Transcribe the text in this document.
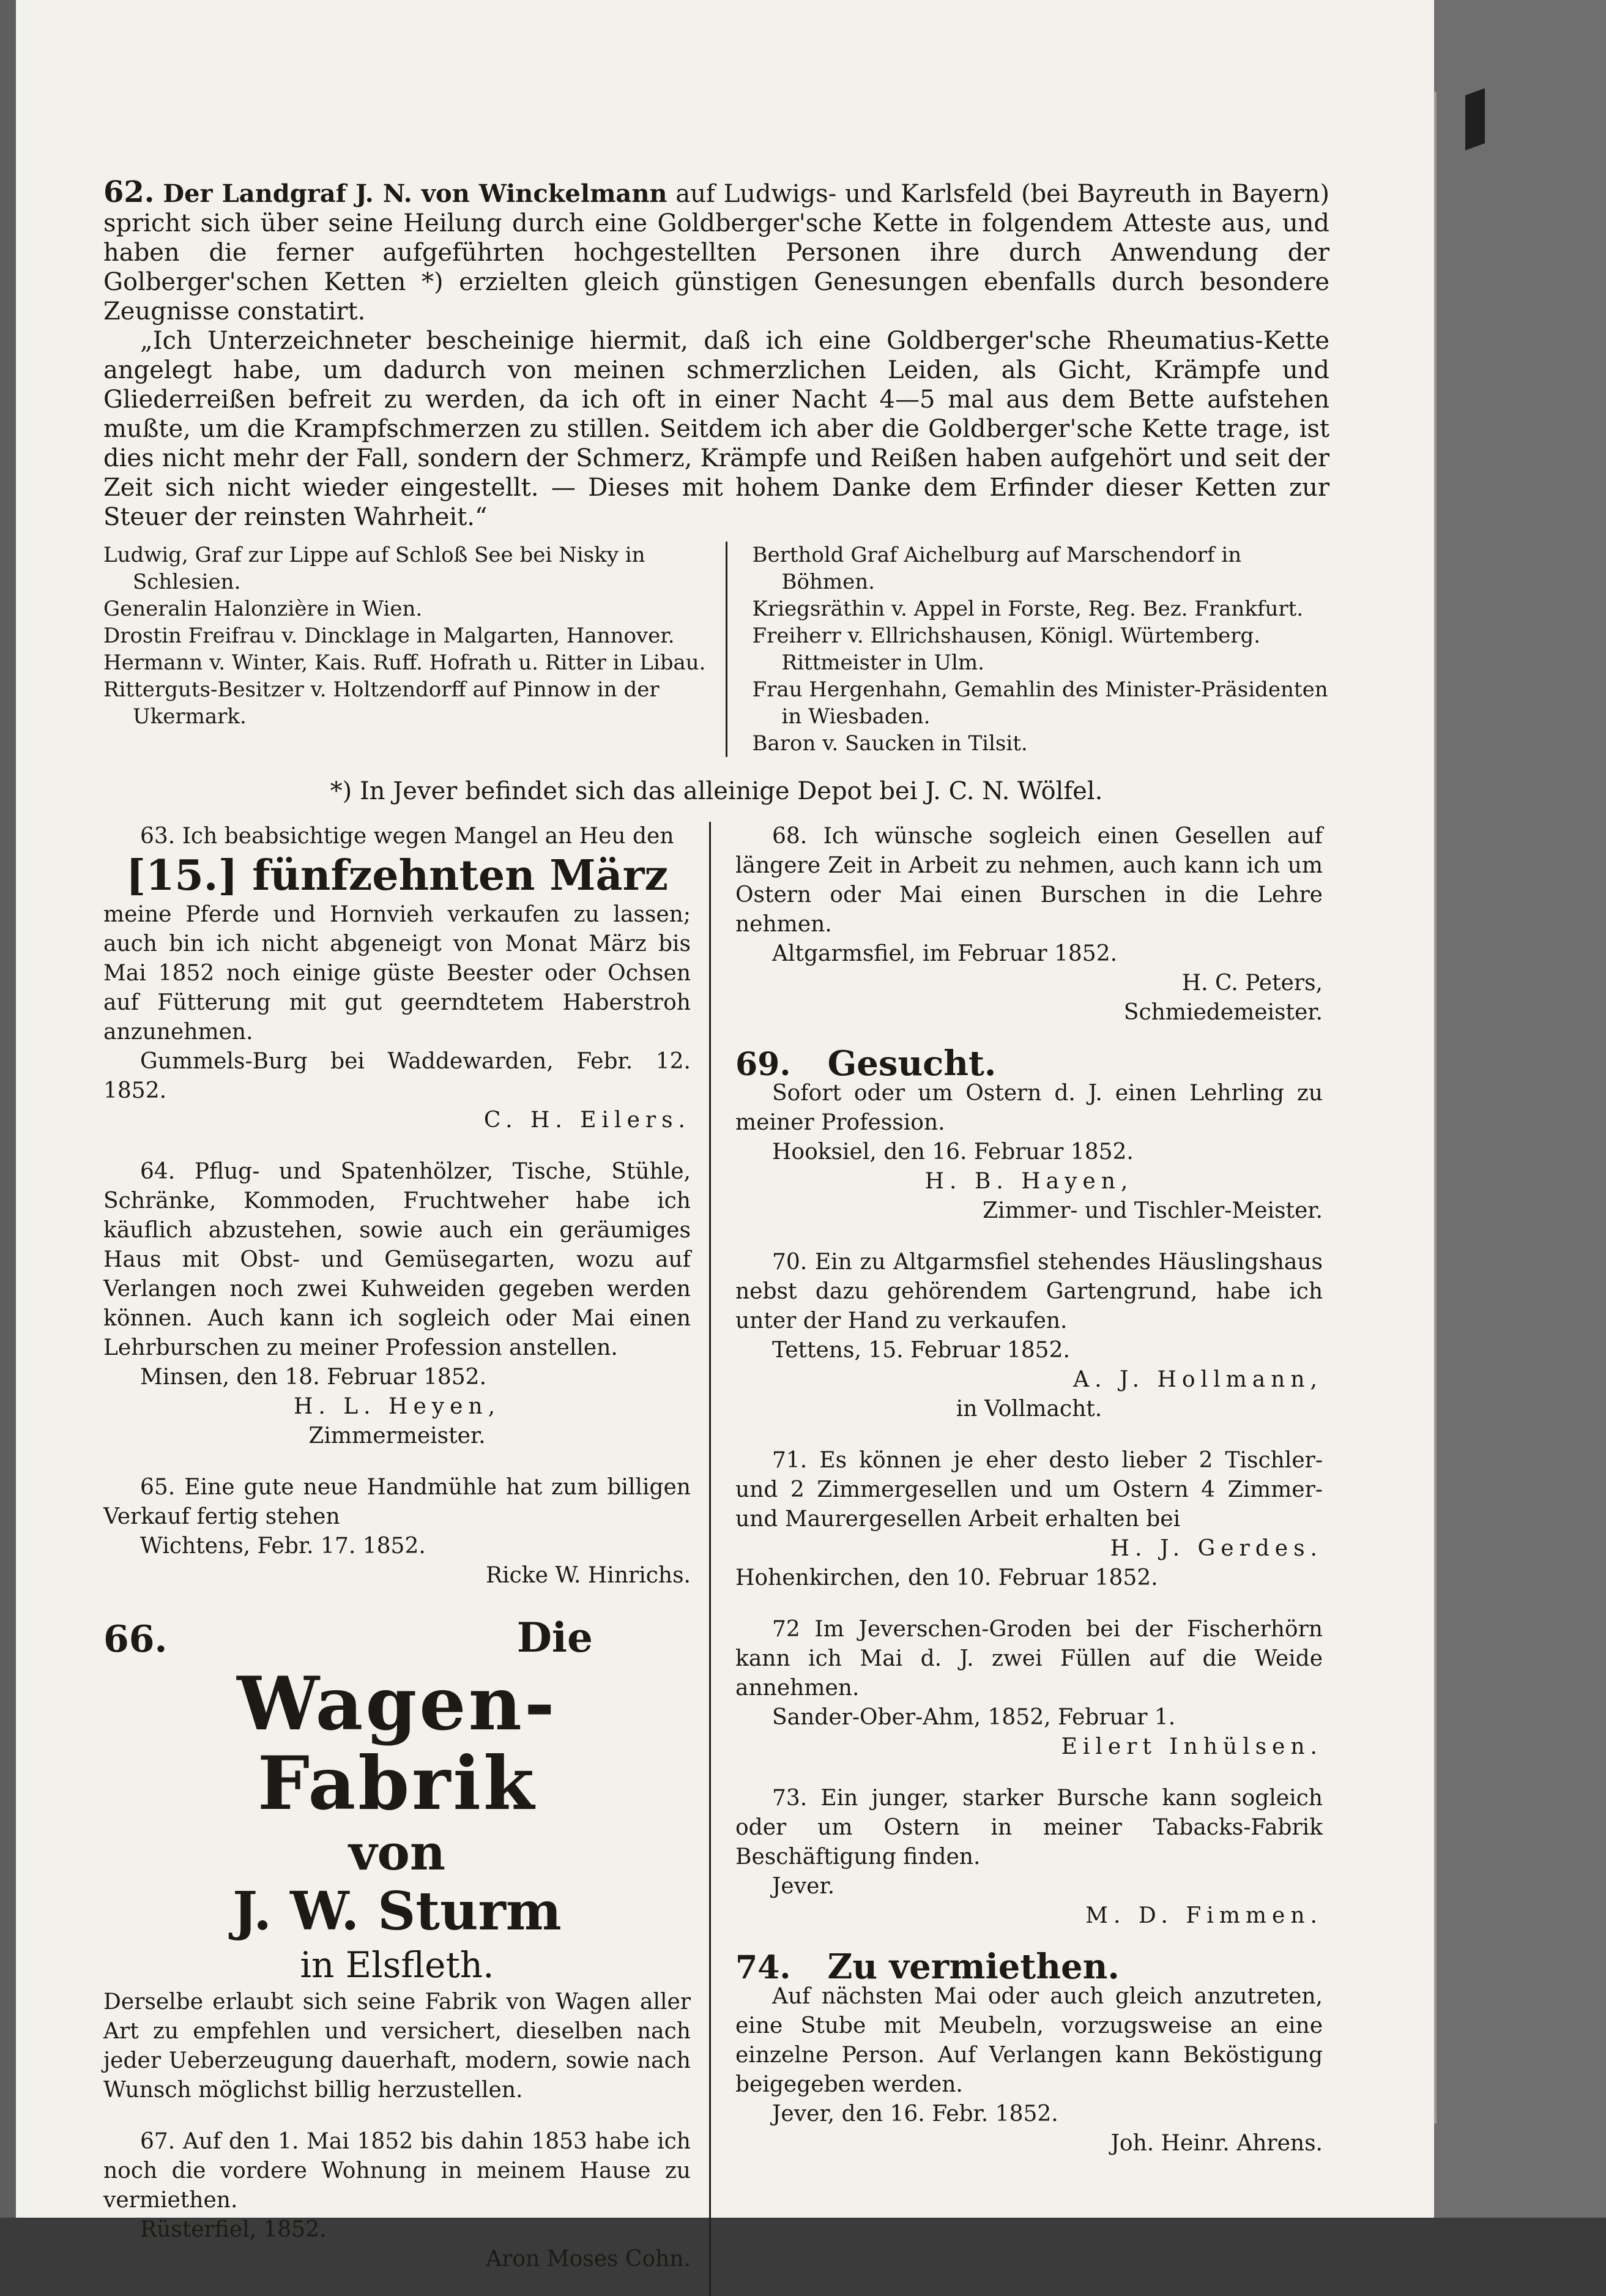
62. Der Landgraf J. N. von Winckelmann auf Ludwigs- und Karlsfeld (bei Bayreuth in Bayern) spricht sich über seine Heilung durch eine Goldberger'sche Kette in folgendem Atteste aus, und haben die ferner aufgeführten hochgestellten Personen ihre durch Anwendung der Golberger'schen Ketten *) erzielten gleich günstigen Genesungen ebenfalls durch besondere Zeugnisse constatirt.

„Ich Unterzeichneter bescheinige hiermit, daß ich eine Goldberger'sche Rheumatius-Kette angelegt habe, um dadurch von meinen schmerzlichen Leiden, als Gicht, Krämpfe und Gliederreißen befreit zu werden, da ich oft in einer Nacht 4—5 mal aus dem Bette aufstehen mußte, um die Krampfschmerzen zu stillen. Seitdem ich aber die Goldberger'sche Kette trage, ist dies nicht mehr der Fall, sondern der Schmerz, Krämpfe und Reißen haben aufgehört und seit der Zeit sich nicht wieder eingestellt. — Dieses mit hohem Danke dem Erfinder dieser Ketten zur Steuer der reinsten Wahrheit.“

Ludwig, Graf zur Lippe auf Schloß See bei Nisky in Schlesien.

Generalin Halonzière in Wien.

Drostin Freifrau v. Dincklage in Malgarten, Hannover.

Hermann v. Winter, Kais. Ruff. Hofrath u. Ritter in Libau.

Ritterguts-Besitzer v. Holtzendorff auf Pinnow in der Ukermark.

Berthold Graf Aichelburg auf Marschendorf in Böhmen.

Kriegsräthin v. Appel in Forste, Reg. Bez. Frankfurt.

Freiherr v. Ellrichshausen, Königl. Würtemberg. Rittmeister in Ulm.

Frau Hergenhahn, Gemahlin des Minister-Präsidenten in Wiesbaden.

Baron v. Saucken in Tilsit.

*) In Jever befindet sich das alleinige Depot bei J. C. N. Wölfel.

63. Ich beabsichtige wegen Mangel an Heu den

[15.] fünfzehnten März

meine Pferde und Hornvieh verkaufen zu lassen; auch bin ich nicht abgeneigt von Monat März bis Mai 1852 noch einige güste Beester oder Ochsen auf Fütterung mit gut geerndtetem Haberstroh anzunehmen.

Gummels-Burg bei Waddewarden, Febr. 12. 1852.

C. H. Eilers.

64. Pflug- und Spatenhölzer, Tische, Stühle, Schränke, Kommoden, Fruchtweher habe ich käuflich abzustehen, sowie auch ein geräumiges Haus mit Obst- und Gemüsegarten, wozu auf Verlangen noch zwei Kuhweiden gegeben werden können. Auch kann ich sogleich oder Mai einen Lehrburschen zu meiner Profession anstellen.

Minsen, den 18. Februar 1852.

H. L. Heyen,

Zimmermeister.

65. Eine gute neue Handmühle hat zum billigen Verkauf fertig stehen

Wichtens, Febr. 17. 1852.

Ricke W. Hinrichs.

66.	Die

Wagen-Fabrik

von

J. W. Sturm

in Elsfleth.

Derselbe erlaubt sich seine Fabrik von Wagen aller Art zu empfehlen und versichert, dieselben nach jeder Ueberzeugung dauerhaft, modern, sowie nach Wunsch möglichst billig herzustellen.

67. Auf den 1. Mai 1852 bis dahin 1853 habe ich noch die vordere Wohnung in meinem Hause zu vermiethen.

Rüsterfiel, 1852.

Aron Moses Cohn.

68. Ich wünsche sogleich einen Gesellen auf längere Zeit in Arbeit zu nehmen, auch kann ich um Ostern oder Mai einen Burschen in die Lehre nehmen.

Altgarmsfiel, im Februar 1852.

H. C. Peters,

Schmiedemeister.

69. Gesucht.

Sofort oder um Ostern d. J. einen Lehrling zu meiner Profession.

Hooksiel, den 16. Februar 1852.

H. B. Hayen,

Zimmer- und Tischler-Meister.

70. Ein zu Altgarmsfiel stehendes Häuslingshaus nebst dazu gehörendem Gartengrund, habe ich unter der Hand zu verkaufen.

Tettens, 15. Februar 1852.

A. J. Hollmann,

in Vollmacht.

71. Es können je eher desto lieber 2 Tischler- und 2 Zimmergesellen und um Ostern 4 Zimmer- und Maurergesellen Arbeit erhalten bei

H. J. Gerdes.

Hohenkirchen, den 10. Februar 1852.

72 Im Jeverschen-Groden bei der Fischerhörn kann ich Mai d. J. zwei Füllen auf die Weide annehmen.

Sander-Ober-Ahm, 1852, Februar 1.

Eilert Inhülsen.

73. Ein junger, starker Bursche kann sogleich oder um Ostern in meiner Tabacks-Fabrik Beschäftigung finden.

Jever.

M. D. Fimmen.

74. Zu vermiethen.

Auf nächsten Mai oder auch gleich anzutreten, eine Stube mit Meubeln, vorzugsweise an eine einzelne Person. Auf Verlangen kann Beköstigung beigegeben werden.

Jever, den 16. Febr. 1852.

Joh. Heinr. Ahrens.
